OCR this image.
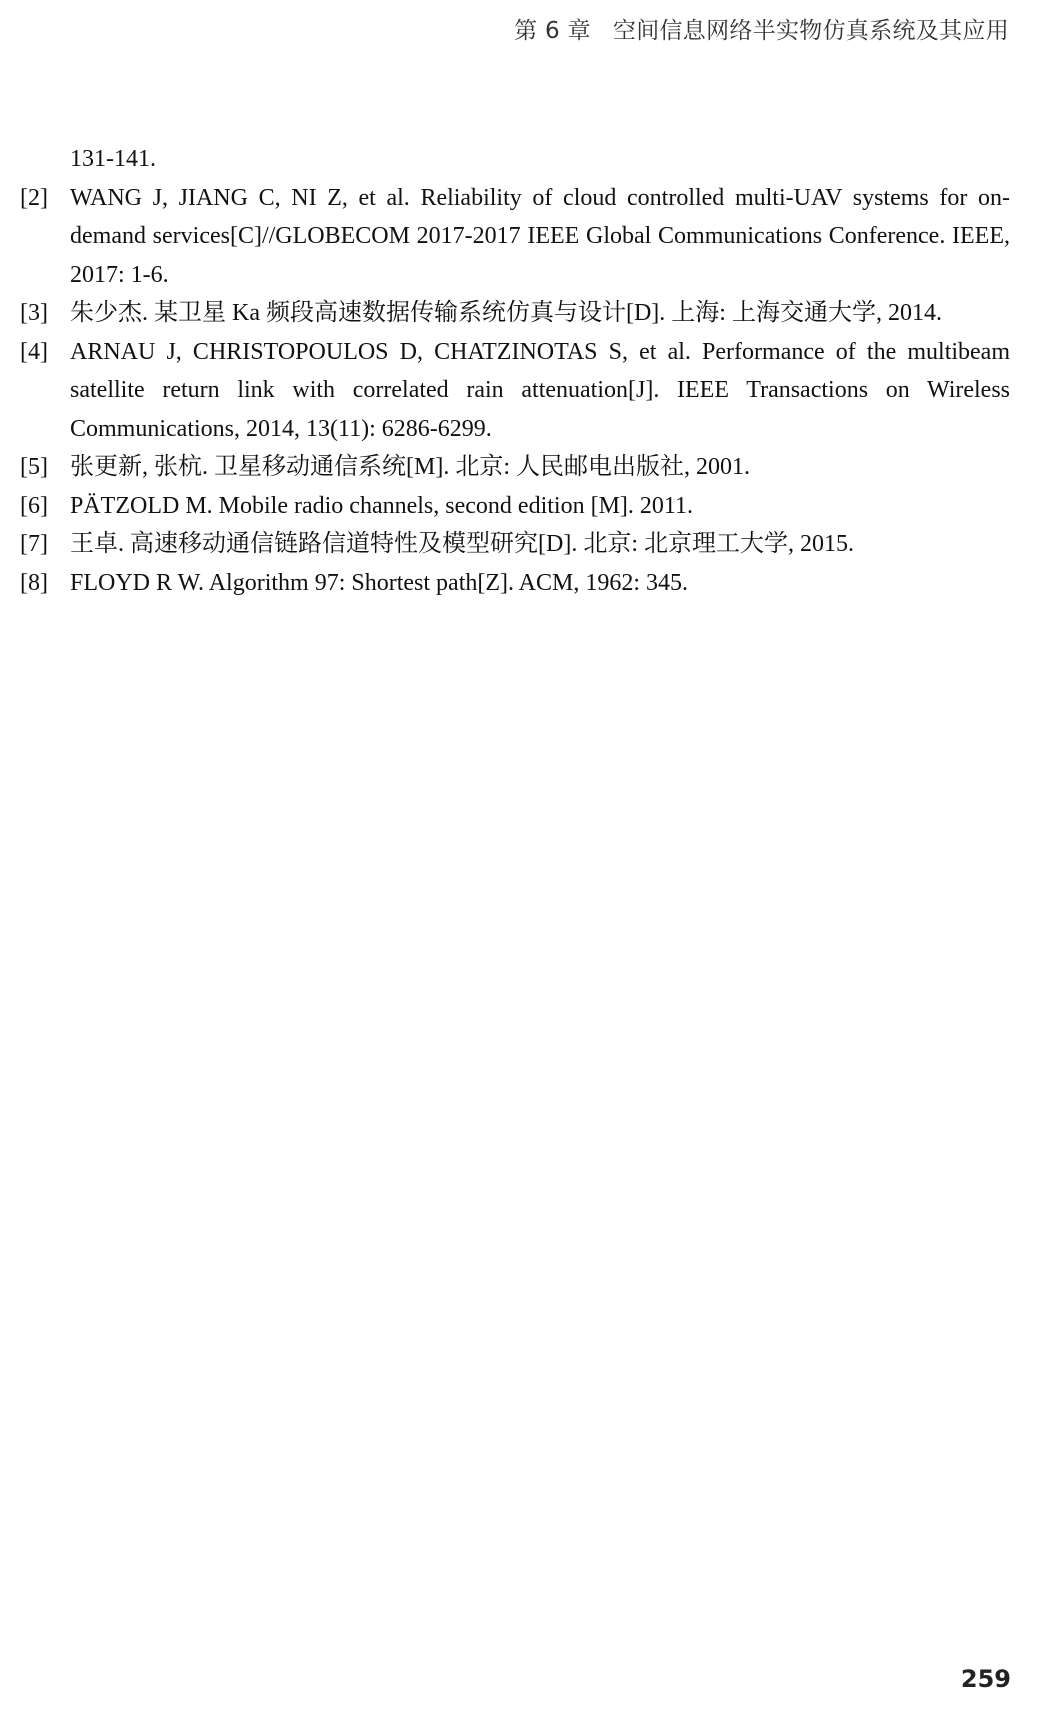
第 6 章 空间信息网络半实物仿真系统及其应用
131-141.
[2] WANG J, JIANG C, NI Z, et al. Reliability of cloud controlled multi-UAV systems for on-demand services[C]//GLOBECOM 2017-2017 IEEE Global Communications Conference. IEEE, 2017: 1-6.
[3] 朱少杰. 某卫星 Ka 频段高速数据传输系统仿真与设计[D]. 上海: 上海交通大学, 2014.
[4] ARNAU J, CHRISTOPOULOS D, CHATZINOTAS S, et al. Performance of the multibeam satellite return link with correlated rain attenuation[J]. IEEE Transactions on Wireless Communications, 2014, 13(11): 6286-6299.
[5] 张更新, 张杭. 卫星移动通信系统[M]. 北京: 人民邮电出版社, 2001.
[6] PÄTZOLD M. Mobile radio channels, second edition [M]. 2011.
[7] 王卓. 高速移动通信链路信道特性及模型研究[D]. 北京: 北京理工大学, 2015.
[8] FLOYD R W. Algorithm 97: Shortest path[Z]. ACM, 1962: 345.
259
